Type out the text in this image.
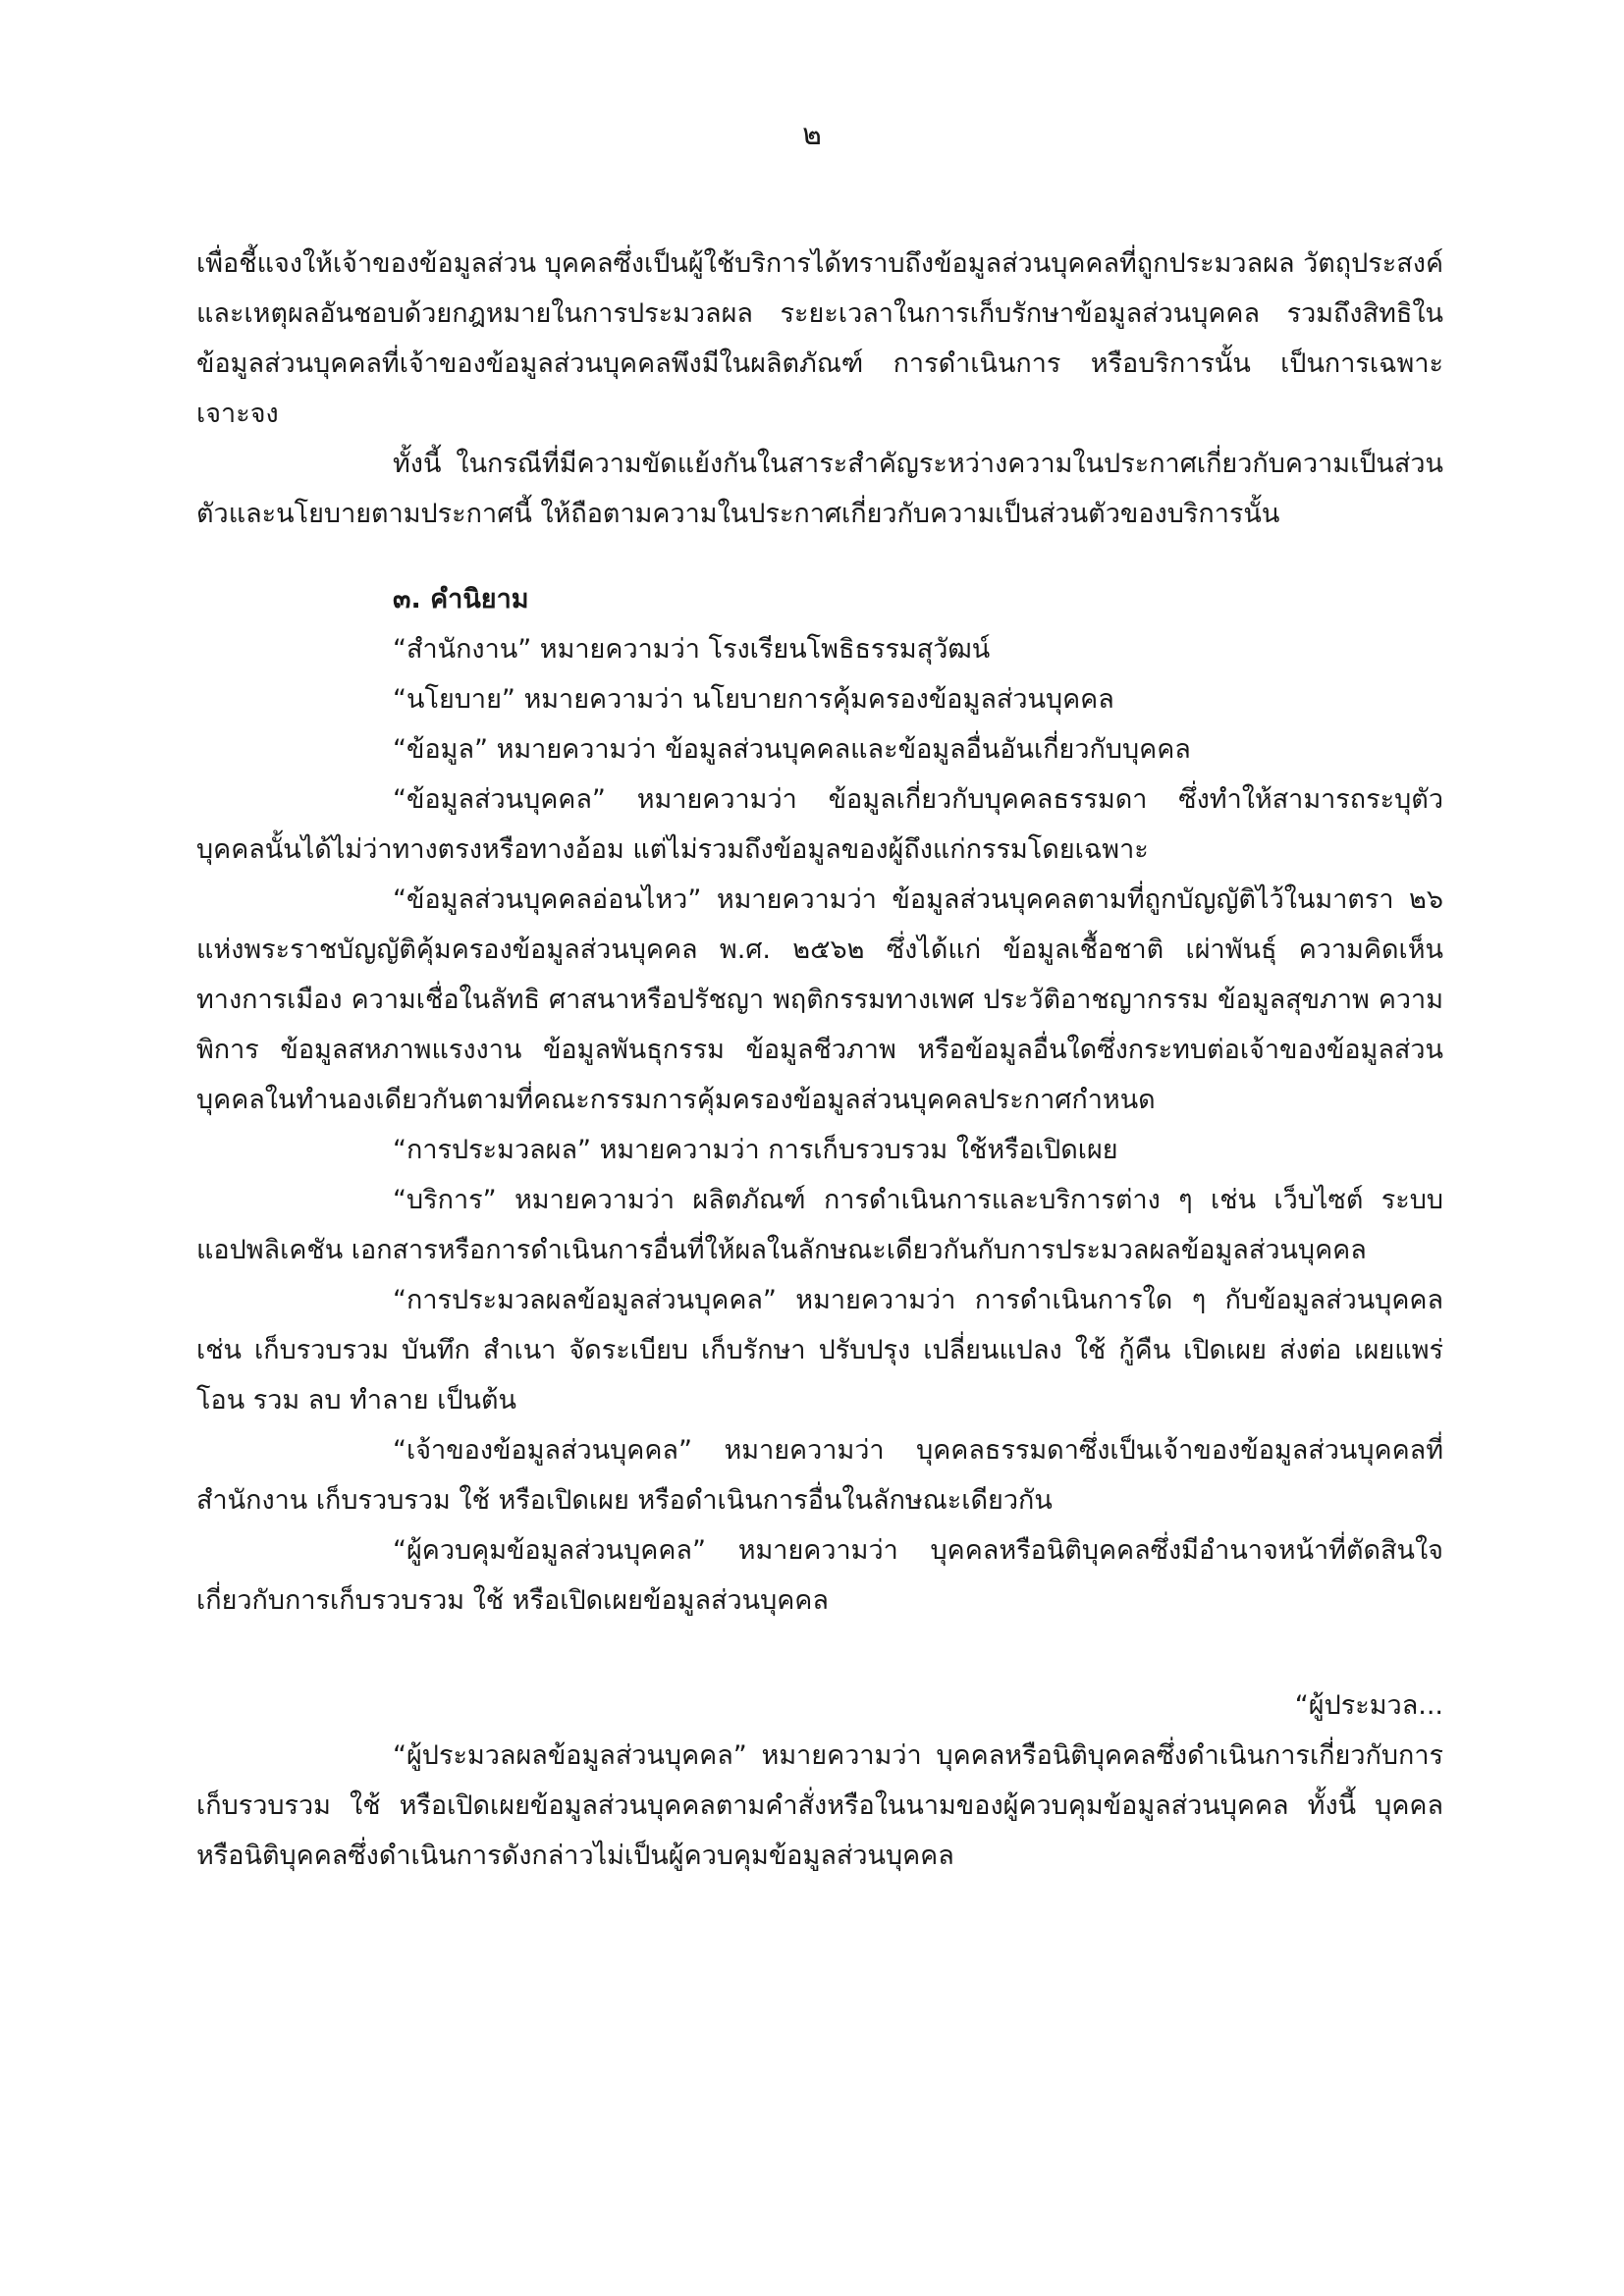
๒

เพื่อชี้แจงให้เจ้าของข้อมูลส่วน บุคคลซึ่งเป็นผู้ใช้บริการได้ทราบถึงข้อมูลส่วนบุคคลที่ถูกประมวลผล วัตถุประสงค์และเหตุผลอันชอบด้วยกฎหมายในการประมวลผล ระยะเวลาในการเก็บรักษาข้อมูลส่วนบุคคล รวมถึงสิทธิในข้อมูลส่วนบุคคลที่เจ้าของข้อมูลส่วนบุคคลพึงมีในผลิตภัณฑ์ การดำเนินการ หรือบริการนั้น เป็นการเฉพาะเจาะจง

ทั้งนี้ ในกรณีที่มีความขัดแย้งกันในสาระสำคัญระหว่างความในประกาศเกี่ยวกับความเป็นส่วนตัวและนโยบายตามประกาศนี้ ให้ถือตามความในประกาศเกี่ยวกับความเป็นส่วนตัวของบริการนั้น

๓. คำนิยาม

“สำนักงาน” หมายความว่า โรงเรียนโพธิธรรมสุวัฒน์

“นโยบาย” หมายความว่า นโยบายการคุ้มครองข้อมูลส่วนบุคคล

“ข้อมูล” หมายความว่า ข้อมูลส่วนบุคคลและข้อมูลอื่นอันเกี่ยวกับบุคคล

“ข้อมูลส่วนบุคคล” หมายความว่า ข้อมูลเกี่ยวกับบุคคลธรรมดา ซึ่งทำให้สามารถระบุตัวบุคคลนั้นได้ไม่ว่าทางตรงหรือทางอ้อม แต่ไม่รวมถึงข้อมูลของผู้ถึงแก่กรรมโดยเฉพาะ

“ข้อมูลส่วนบุคคลอ่อนไหว” หมายความว่า ข้อมูลส่วนบุคคลตามที่ถูกบัญญัติไว้ในมาตรา ๒๖ แห่งพระราชบัญญัติคุ้มครองข้อมูลส่วนบุคคล พ.ศ. ๒๕๖๒ ซึ่งได้แก่ ข้อมูลเชื้อชาติ เผ่าพันธุ์ ความคิดเห็นทางการเมือง ความเชื่อในลัทธิ ศาสนาหรือปรัชญา พฤติกรรมทางเพศ ประวัติอาชญากรรม ข้อมูลสุขภาพ ความพิการ ข้อมูลสหภาพแรงงาน ข้อมูลพันธุกรรม ข้อมูลชีวภาพ หรือข้อมูลอื่นใดซึ่งกระทบต่อเจ้าของข้อมูลส่วนบุคคลในทำนองเดียวกันตามที่คณะกรรมการคุ้มครองข้อมูลส่วนบุคคลประกาศกำหนด

“การประมวลผล” หมายความว่า การเก็บรวบรวม ใช้หรือเปิดเผย

“บริการ” หมายความว่า ผลิตภัณฑ์ การดำเนินการและบริการต่าง ๆ เช่น เว็บไซต์ ระบบแอปพลิเคชัน เอกสารหรือการดำเนินการอื่นที่ให้ผลในลักษณะเดียวกันกับการประมวลผลข้อมูลส่วนบุคคล

“การประมวลผลข้อมูลส่วนบุคคล” หมายความว่า การดำเนินการใด ๆ กับข้อมูลส่วนบุคคล เช่น เก็บรวบรวม บันทึก สำเนา จัดระเบียบ เก็บรักษา ปรับปรุง เปลี่ยนแปลง ใช้ กู้คืน เปิดเผย ส่งต่อ เผยแพร่ โอน รวม ลบ ทำลาย เป็นต้น

“เจ้าของข้อมูลส่วนบุคคล” หมายความว่า บุคคลธรรมดาซึ่งเป็นเจ้าของข้อมูลส่วนบุคคลที่สำนักงาน เก็บรวบรวม ใช้ หรือเปิดเผย หรือดำเนินการอื่นในลักษณะเดียวกัน

“ผู้ควบคุมข้อมูลส่วนบุคคล” หมายความว่า บุคคลหรือนิติบุคคลซึ่งมีอำนาจหน้าที่ตัดสินใจเกี่ยวกับการเก็บรวบรวม ใช้ หรือเปิดเผยข้อมูลส่วนบุคคล

“ผู้ประมวล...

“ผู้ประมวลผลข้อมูลส่วนบุคคล” หมายความว่า บุคคลหรือนิติบุคคลซึ่งดำเนินการเกี่ยวกับการเก็บรวบรวม ใช้ หรือเปิดเผยข้อมูลส่วนบุคคลตามคำสั่งหรือในนามของผู้ควบคุมข้อมูลส่วนบุคคล ทั้งนี้ บุคคลหรือนิติบุคคลซึ่งดำเนินการดังกล่าวไม่เป็นผู้ควบคุมข้อมูลส่วนบุคคล
